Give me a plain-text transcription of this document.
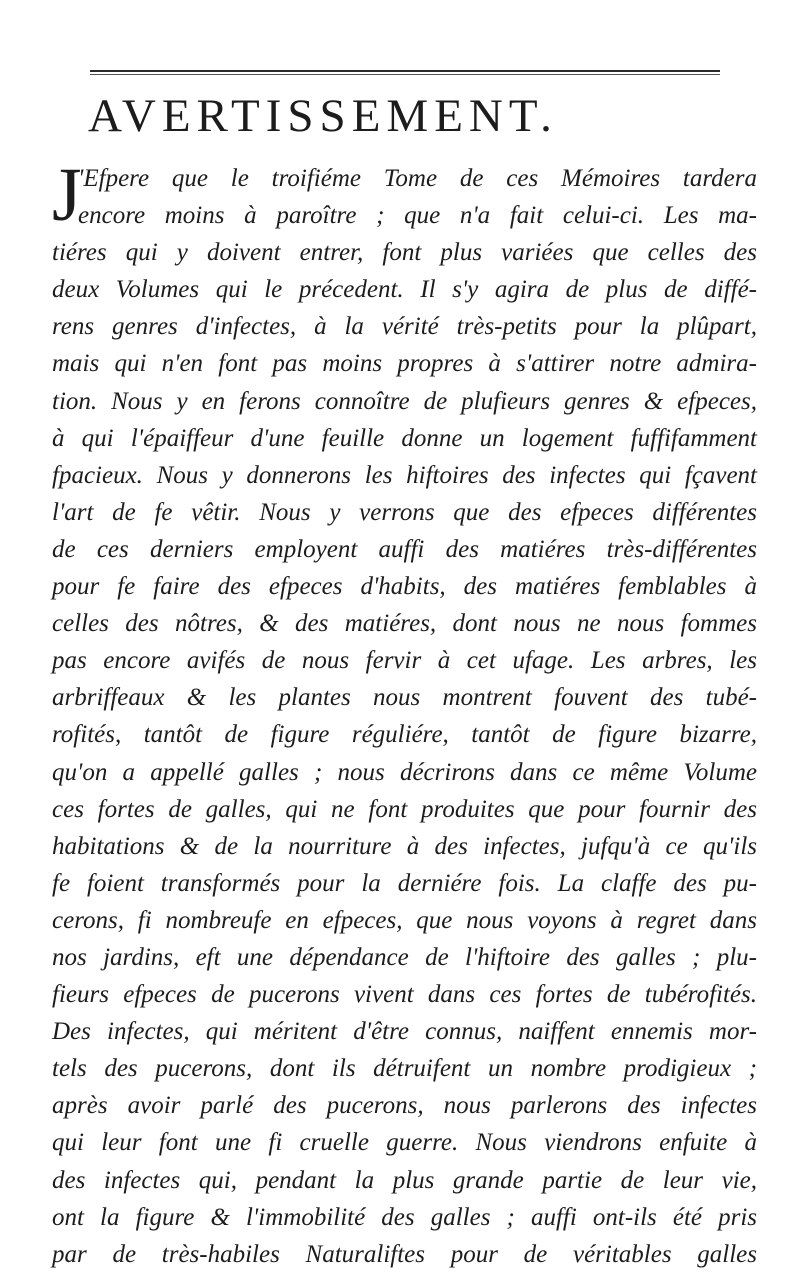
AVERTISSEMENT.
J
'Efpere que le troifiéme Tome de ces Mémoires tardera
encore moins à paroître ; que n'a fait celui-ci. Les ma-
tiéres qui y doivent entrer, font plus variées que celles des
deux Volumes qui le précedent. Il s'y agira de plus de diffé-
rens genres d'infectes, à la vérité très-petits pour la plûpart,
mais qui n'en font pas moins propres à s'attirer notre admira-
tion. Nous y en ferons connoître de plufieurs genres & efpeces,
à qui l'épaiffeur d'une feuille donne un logement fuffifamment
fpacieux. Nous y donnerons les hiftoires des infectes qui fçavent
l'art de fe vêtir. Nous y verrons que des efpeces différentes
de ces derniers employent auffi des matiéres très-différentes
pour fe faire des efpeces d'habits, des matiéres femblables à
celles des nôtres, & des matiéres, dont nous ne nous fommes
pas encore avifés de nous fervir à cet ufage. Les arbres, les
arbriffeaux & les plantes nous montrent fouvent des tubé-
rofités, tantôt de figure réguliére, tantôt de figure bizarre,
qu'on a appellé galles ; nous décrirons dans ce même Volume
ces fortes de galles, qui ne font produites que pour fournir des
habitations & de la nourriture à des infectes, jufqu'à ce qu'ils
fe foient transformés pour la derniére fois. La claffe des pu-
cerons, fi nombreufe en efpeces, que nous voyons à regret dans
nos jardins, eft une dépendance de l'hiftoire des galles ; plu-
fieurs efpeces de pucerons vivent dans ces fortes de tubérofités.
Des infectes, qui méritent d'être connus, naiffent ennemis mor-
tels des pucerons, dont ils détruifent un nombre prodigieux ;
après avoir parlé des pucerons, nous parlerons des infectes
qui leur font une fi cruelle guerre. Nous viendrons enfuite à
des infectes qui, pendant la plus grande partie de leur vie,
ont la figure & l'immobilité des galles ; auffi ont-ils été pris
par de très-habiles Naturaliftes pour de véritables galles
